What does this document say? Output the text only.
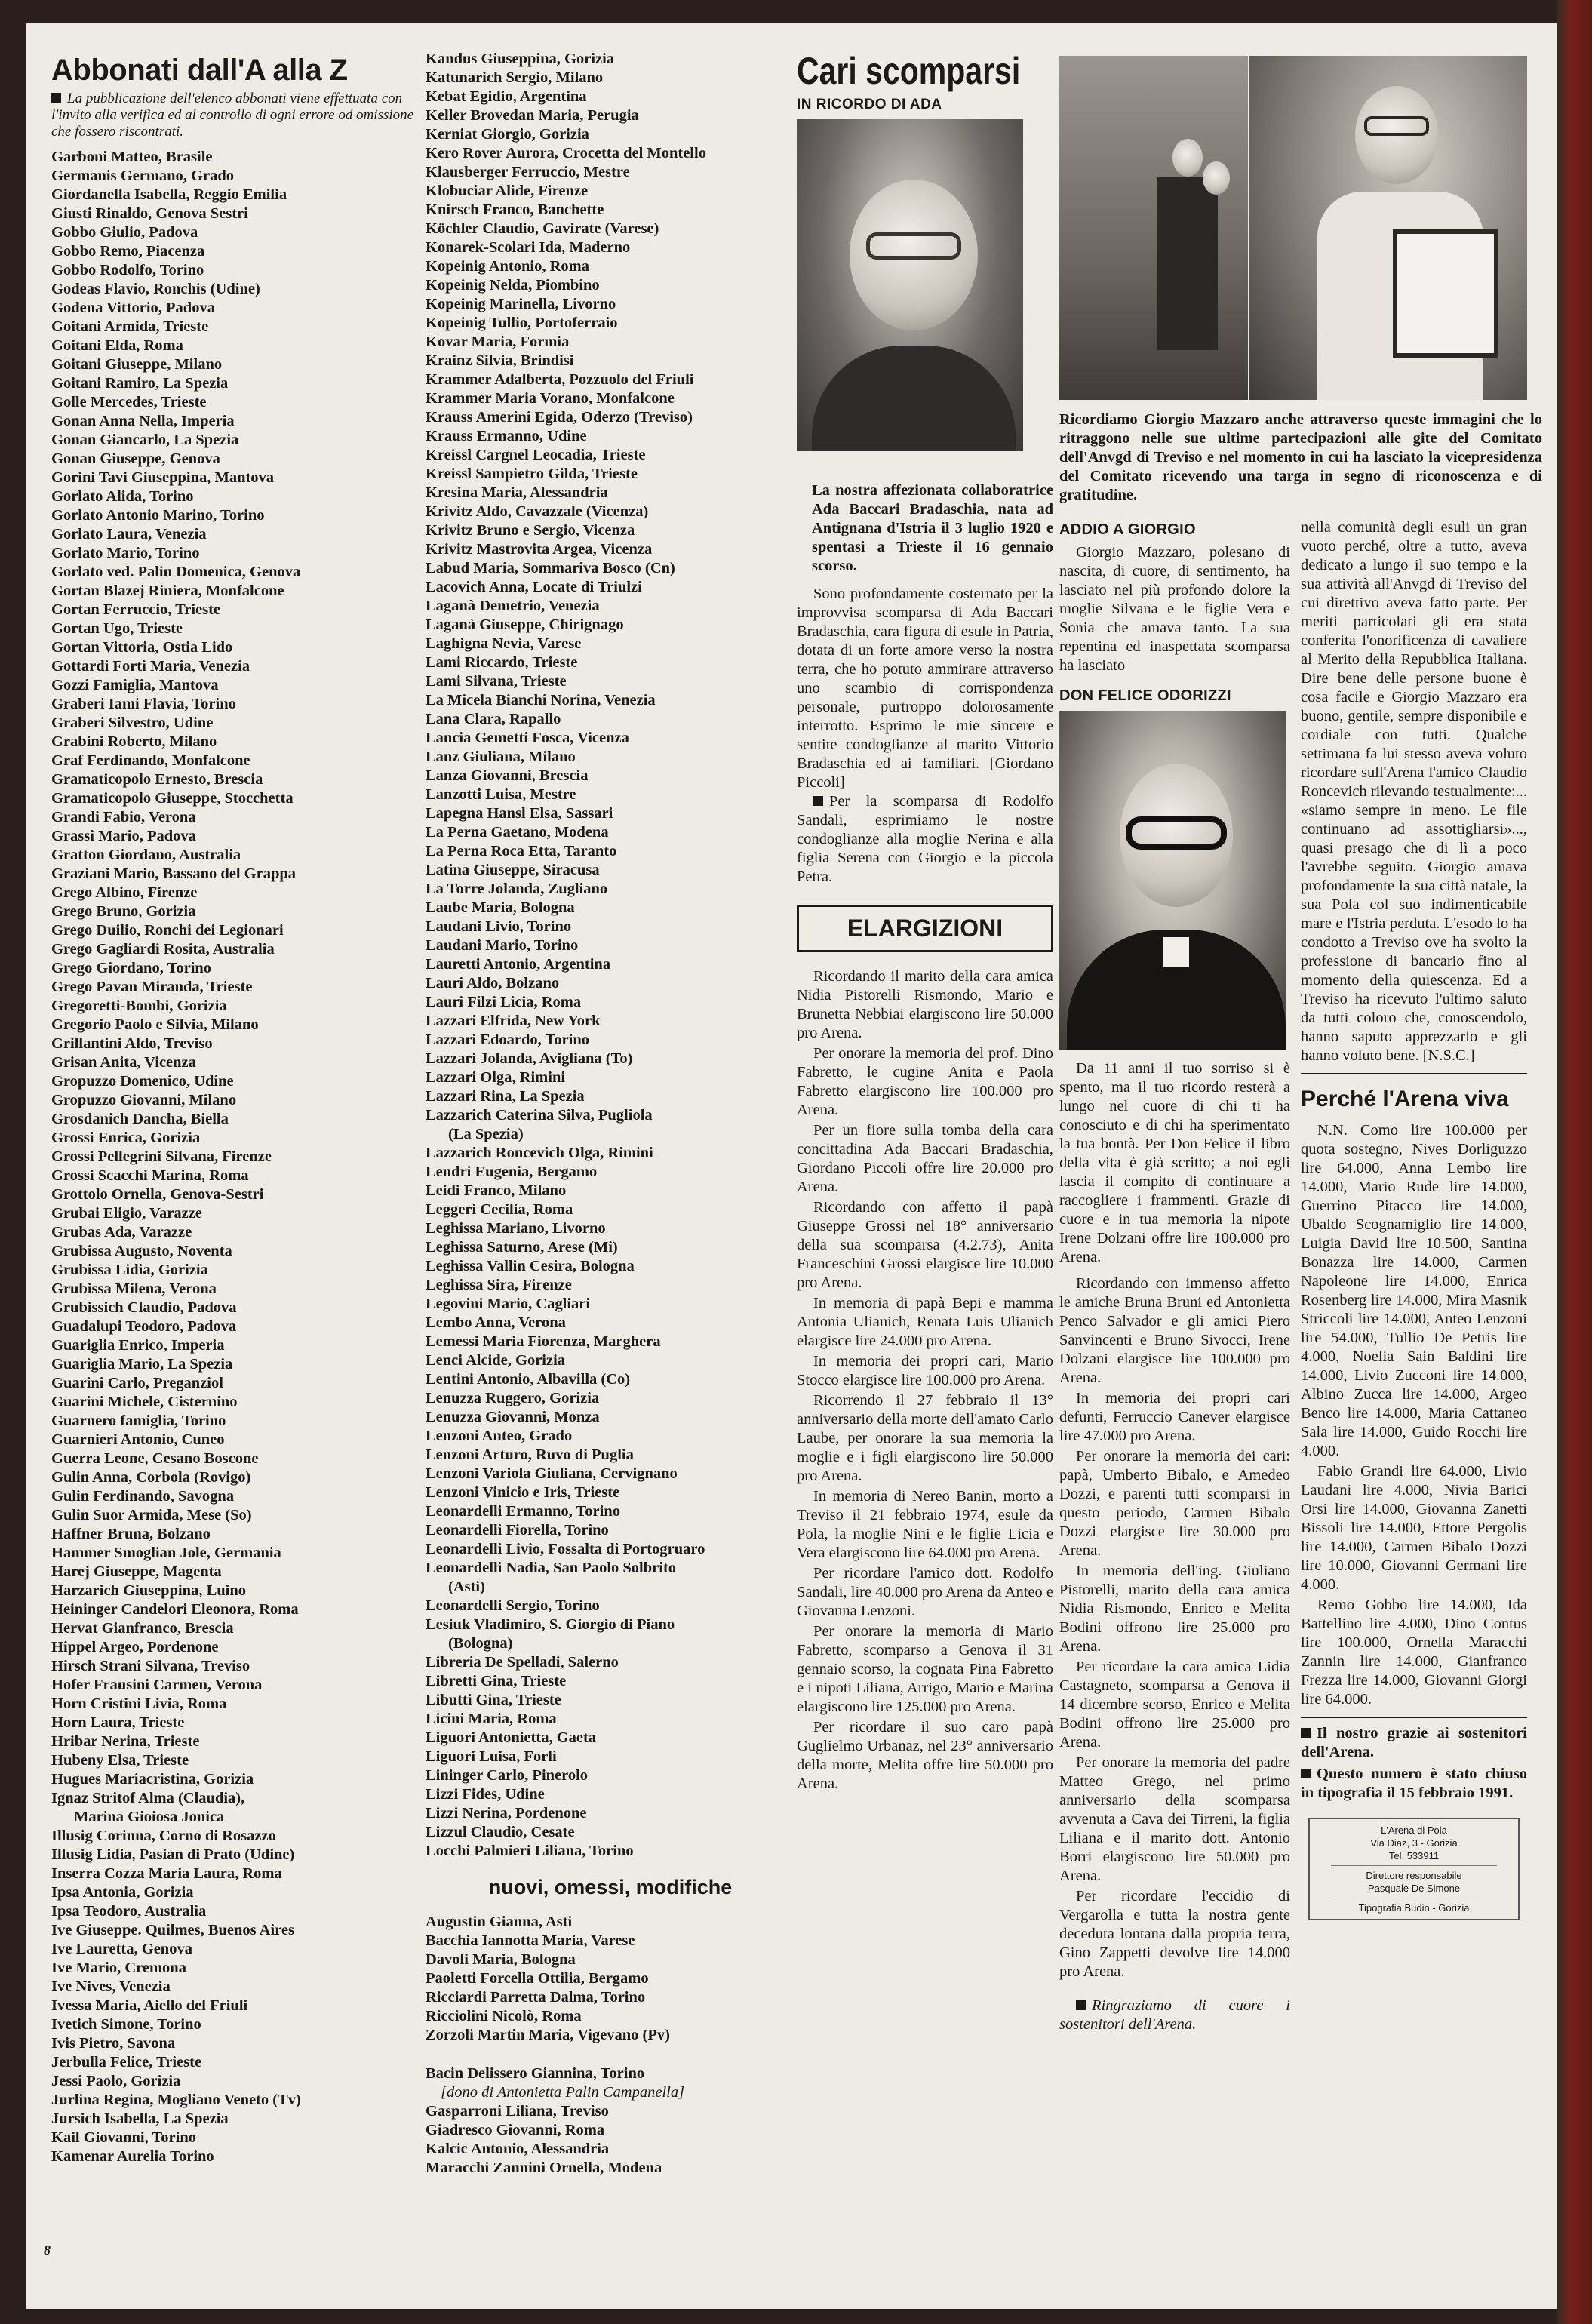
Abbonati dall'A alla Z
La pubblicazione dell'elenco abbonati viene effettuata con l'invito alla verifica ed al controllo di ogni errore od omissione che fossero riscontrati.
Garboni Matteo, Brasile
Germanis Germano, Grado
Giordanella Isabella, Reggio Emilia
Giusti Rinaldo, Genova Sestri
Gobbo Giulio, Padova
Gobbo Remo, Piacenza
Gobbo Rodolfo, Torino
Godeas Flavio, Ronchis (Udine)
Godena Vittorio, Padova
Goitani Armida, Trieste
Goitani Elda, Roma
Goitani Giuseppe, Milano
Goitani Ramiro, La Spezia
Golle Mercedes, Trieste
Gonan Anna Nella, Imperia
Gonan Giancarlo, La Spezia
Gonan Giuseppe, Genova
Gorini Tavi Giuseppina, Mantova
Gorlato Alida, Torino
Gorlato Antonio Marino, Torino
Gorlato Laura, Venezia
Gorlato Mario, Torino
Gorlato ved. Palin Domenica, Genova
Gortan Blazej Riniera, Monfalcone
Gortan Ferruccio, Trieste
Gortan Ugo, Trieste
Gortan Vittoria, Ostia Lido
Gottardi Forti Maria, Venezia
Gozzi Famiglia, Mantova
Graberi Iami Flavia, Torino
Graberi Silvestro, Udine
Grabini Roberto, Milano
Graf Ferdinando, Monfalcone
Gramaticopolo Ernesto, Brescia
Gramaticopolo Giuseppe, Stocchetta
Grandi Fabio, Verona
Grassi Mario, Padova
Gratton Giordano, Australia
Graziani Mario, Bassano del Grappa
Grego Albino, Firenze
Grego Bruno, Gorizia
Grego Duilio, Ronchi dei Legionari
Grego Gagliardi Rosita, Australia
Grego Giordano, Torino
Grego Pavan Miranda, Trieste
Gregoretti-Bombi, Gorizia
Gregorio Paolo e Silvia, Milano
Grillantini Aldo, Treviso
Grisan Anita, Vicenza
Gropuzzo Domenico, Udine
Gropuzzo Giovanni, Milano
Grosdanich Dancha, Biella
Grossi Enrica, Gorizia
Grossi Pellegrini Silvana, Firenze
Grossi Scacchi Marina, Roma
Grottolo Ornella, Genova-Sestri
Grubai Eligio, Varazze
Grubas Ada, Varazze
Grubissa Augusto, Noventa
Grubissa Lidia, Gorizia
Grubissa Milena, Verona
Grubissich Claudio, Padova
Guadalupi Teodoro, Padova
Guariglia Enrico, Imperia
Guariglia Mario, La Spezia
Guarini Carlo, Preganziol
Guarini Michele, Cisternino
Guarnero famiglia, Torino
Guarnieri Antonio, Cuneo
Guerra Leone, Cesano Boscone
Gulin Anna, Corbola (Rovigo)
Gulin Ferdinando, Savogna
Gulin Suor Armida, Mese (So)
Haffner Bruna, Bolzano
Hammer Smoglian Jole, Germania
Harej Giuseppe, Magenta
Harzarich Giuseppina, Luino
Heininger Candelori Eleonora, Roma
Hervat Gianfranco, Brescia
Hippel Argeo, Pordenone
Hirsch Strani Silvana, Treviso
Hofer Frausini Carmen, Verona
Horn Cristini Livia, Roma
Horn Laura, Trieste
Hribar Nerina, Trieste
Hubeny Elsa, Trieste
Hugues Mariacristina, Gorizia
Ignaz Stritof Alma (Claudia),
Marina Gioiosa Jonica
Illusig Corinna, Corno di Rosazzo
Illusig Lidia, Pasian di Prato (Udine)
Inserra Cozza Maria Laura, Roma
Ipsa Antonia, Gorizia
Ipsa Teodoro, Australia
Ive Giuseppe. Quilmes, Buenos Aires
Ive Lauretta, Genova
Ive Mario, Cremona
Ive Nives, Venezia
Ivessa Maria, Aiello del Friuli
Ivetich Simone, Torino
Ivis Pietro, Savona
Jerbulla Felice, Trieste
Jessi Paolo, Gorizia
Jurlina Regina, Mogliano Veneto (Tv)
Jursich Isabella, La Spezia
Kail Giovanni, Torino
Kamenar Aurelia Torino
Kandus Giuseppina, Gorizia
Katunarich Sergio, Milano
Kebat Egidio, Argentina
Keller Brovedan Maria, Perugia
Kerniat Giorgio, Gorizia
Kero Rover Aurora, Crocetta del Montello
Klausberger Ferruccio, Mestre
Klobuciar Alide, Firenze
Knirsch Franco, Banchette
Köchler Claudio, Gavirate (Varese)
Konarek-Scolari Ida, Maderno
Kopeinig Antonio, Roma
Kopeinig Nelda, Piombino
Kopeinig Marinella, Livorno
Kopeinig Tullio, Portoferraio
Kovar Maria, Formia
Krainz Silvia, Brindisi
Krammer Adalberta, Pozzuolo del Friuli
Krammer Maria Vorano, Monfalcone
Krauss Amerini Egida, Oderzo (Treviso)
Krauss Ermanno, Udine
Kreissl Cargnel Leocadia, Trieste
Kreissl Sampietro Gilda, Trieste
Kresina Maria, Alessandria
Krivitz Aldo, Cavazzale (Vicenza)
Krivitz Bruno e Sergio, Vicenza
Krivitz Mastrovita Argea, Vicenza
Labud Maria, Sommariva Bosco (Cn)
Lacovich Anna, Locate di Triulzi
Laganà Demetrio, Venezia
Laganà Giuseppe, Chirignago
Laghigna Nevia, Varese
Lami Riccardo, Trieste
Lami Silvana, Trieste
La Micela Bianchi Norina, Venezia
Lana Clara, Rapallo
Lancia Gemetti Fosca, Vicenza
Lanz Giuliana, Milano
Lanza Giovanni, Brescia
Lanzotti Luisa, Mestre
Lapegna Hansl Elsa, Sassari
La Perna Gaetano, Modena
La Perna Roca Etta, Taranto
Latina Giuseppe, Siracusa
La Torre Jolanda, Zugliano
Laube Maria, Bologna
Laudani Livio, Torino
Laudani Mario, Torino
Lauretti Antonio, Argentina
Lauri Aldo, Bolzano
Lauri Filzi Licia, Roma
Lazzari Elfrida, New York
Lazzari Edoardo, Torino
Lazzari Jolanda, Avigliana (To)
Lazzari Olga, Rimini
Lazzari Rina, La Spezia
Lazzarich Caterina Silva, Pugliola
(La Spezia)
Lazzarich Roncevich Olga, Rimini
Lendri Eugenia, Bergamo
Leidi Franco, Milano
Leggeri Cecilia, Roma
Leghissa Mariano, Livorno
Leghissa Saturno, Arese (Mi)
Leghissa Vallin Cesira, Bologna
Leghissa Sira, Firenze
Legovini Mario, Cagliari
Lembo Anna, Verona
Lemessi Maria Fiorenza, Marghera
Lenci Alcide, Gorizia
Lentini Antonio, Albavilla (Co)
Lenuzza Ruggero, Gorizia
Lenuzza Giovanni, Monza
Lenzoni Anteo, Grado
Lenzoni Arturo, Ruvo di Puglia
Lenzoni Variola Giuliana, Cervignano
Lenzoni Vinicio e Iris, Trieste
Leonardelli Ermanno, Torino
Leonardelli Fiorella, Torino
Leonardelli Livio, Fossalta di Portogruaro
Leonardelli Nadia, San Paolo Solbrito
(Asti)
Leonardelli Sergio, Torino
Lesiuk Vladimiro, S. Giorgio di Piano
(Bologna)
Libreria De Spelladi, Salerno
Libretti Gina, Trieste
Libutti Gina, Trieste
Licini Maria, Roma
Liguori Antonietta, Gaeta
Liguori Luisa, Forlì
Lininger Carlo, Pinerolo
Lizzi Fides, Udine
Lizzi Nerina, Pordenone
Lizzul Claudio, Cesate
Locchi Palmieri Liliana, Torino
nuovi, omessi, modifiche
Augustin Gianna, Asti
Bacchia Iannotta Maria, Varese
Davoli Maria, Bologna
Paoletti Forcella Ottilia, Bergamo
Ricciardi Parretta Dalma, Torino
Ricciolini Nicolò, Roma
Zorzoli Martin Maria, Vigevano (Pv)
Bacin Delissero Giannina, Torino
[dono di Antonietta Palin Campanella]
Gasparroni Liliana, Treviso
Giadresco Giovanni, Roma
Kalcic Antonio, Alessandria
Maracchi Zannini Ornella, Modena
Cari scomparsi
IN RICORDO DI ADA
La nostra affezionata collaboratrice Ada Baccari Bradaschia, nata ad Antignana d'Istria il 3 luglio 1920 e spentasi a Trieste il 16 gennaio scorso.

Sono profondamente costernato per la improvvisa scomparsa di Ada Baccari Bradaschia, cara figura di esule in Patria, dotata di un forte amore verso la nostra terra, che ho potuto ammirare attraverso uno scambio di corrispondenza personale, purtroppo dolorosamente interrotto. Esprimo le mie sincere e sentite condoglianze al marito Vittorio Bradaschia ed ai familiari. [Giordano Piccoli]

Per la scomparsa di Rodolfo Sandali, esprimiamo le nostre condoglianze alla moglie Nerina e alla figlia Serena con Giorgio e la piccola Petra.

ELARGIZIONI

Ricordando il marito della cara amica Nidia Pistorelli Rismondo, Mario e Brunetta Nebbiai elargiscono lire 50.000 pro Arena.

Per onorare la memoria del prof. Dino Fabretto, le cugine Anita e Paola Fabretto elargiscono lire 100.000 pro Arena.

Per un fiore sulla tomba della cara concittadina Ada Baccari Bradaschia, Giordano Piccoli offre lire 20.000 pro Arena.

Ricordando con affetto il papà Giuseppe Grossi nel 18° anniversario della sua scomparsa (4.2.73), Anita Franceschini Grossi elargisce lire 10.000 pro Arena.

In memoria di papà Bepi e mamma Antonia Ulianich, Renata Luis Ulianich elargisce lire 24.000 pro Arena.

In memoria dei propri cari, Mario Stocco elargisce lire 100.000 pro Arena.

Ricorrendo il 27 febbraio il 13° anniversario della morte dell'amato Carlo Laube, per onorare la sua memoria la moglie e i figli elargiscono lire 50.000 pro Arena.

In memoria di Nereo Banin, morto a Treviso il 21 febbraio 1974, esule da Pola, la moglie Nini e le figlie Licia e Vera elargiscono lire 64.000 pro Arena.

Per ricordare l'amico dott. Rodolfo Sandali, lire 40.000 pro Arena da Anteo e Giovanna Lenzoni.

Per onorare la memoria di Mario Fabretto, scomparso a Genova il 31 gennaio scorso, la cognata Pina Fabretto e i nipoti Liliana, Arrigo, Mario e Marina elargiscono lire 125.000 pro Arena.

Per ricordare il suo caro papà Guglielmo Urbanaz, nel 23° anniversario della morte, Melita offre lire 50.000 pro Arena.

Ricordiamo Giorgio Mazzaro anche attraverso queste immagini che lo ritraggono nelle sue ultime partecipazioni alle gite del Comitato dell'Anvgd di Treviso e nel momento in cui ha lasciato la vicepresidenza del Comitato ricevendo una targa in segno di riconoscenza e di gratitudine.
ADDIO A GIORGIO

Giorgio Mazzaro, polesano di nascita, di cuore, di sentimento, ha lasciato nel più profondo dolore la moglie Silvana e le figlie Vera e Sonia che amava tanto. La sua repentina ed inaspettata scomparsa ha lasciato

DON FELICE ODORIZZI

Da 11 anni il tuo sorriso si è spento, ma il tuo ricordo resterà a lungo nel cuore di chi ti ha conosciuto e di chi ha sperimentato la tua bontà. Per Don Felice il libro della vita è già scritto; a noi egli lascia il compito di continuare a raccogliere i frammenti. Grazie di cuore e in tua memoria la nipote Irene Dolzani offre lire 100.000 pro Arena.

Ricordando con immenso affetto le amiche Bruna Bruni ed Antonietta Penco Salvador e gli amici Piero Sanvincenti e Bruno Sivocci, Irene Dolzani elargisce lire 100.000 pro Arena.

In memoria dei propri cari defunti, Ferruccio Canever elargisce lire 47.000 pro Arena.

Per onorare la memoria dei cari: papà, Umberto Bibalo, e Amedeo Dozzi, e parenti tutti scomparsi in questo periodo, Carmen Bibalo Dozzi elargisce lire 30.000 pro Arena.

In memoria dell'ing. Giuliano Pistorelli, marito della cara amica Nidia Rismondo, Enrico e Melita Bodini offrono lire 25.000 pro Arena.

Per ricordare la cara amica Lidia Castagneto, scomparsa a Genova il 14 dicembre scorso, Enrico e Melita Bodini offrono lire 25.000 pro Arena.

Per onorare la memoria del padre Matteo Grego, nel primo anniversario della scomparsa avvenuta a Cava dei Tirreni, la figlia Liliana e il marito dott. Antonio Borri elargiscono lire 50.000 pro Arena.

Per ricordare l'eccidio di Vergarolla e tutta la nostra gente deceduta lontana dalla propria terra, Gino Zappetti devolve lire 14.000 pro Arena.

Ringraziamo di cuore i sostenitori dell'Arena.

nella comunità degli esuli un gran vuoto perché, oltre a tutto, aveva dedicato a lungo il suo tempo e la sua attività all'Anvgd di Treviso del cui direttivo aveva fatto parte. Per meriti particolari gli era stata conferita l'onorificenza di cavaliere al Merito della Repubblica Italiana. Dire bene delle persone buone è cosa facile e Giorgio Mazzaro era buono, gentile, sempre disponibile e cordiale con tutti. Qualche settimana fa lui stesso aveva voluto ricordare sull'Arena l'amico Claudio Roncevich rilevando testualmente:... «siamo sempre in meno. Le file continuano ad assottigliarsi»..., quasi presago che di lì a poco l'avrebbe seguito. Giorgio amava profondamente la sua città natale, la sua Pola col suo indimenticabile mare e l'Istria perduta. L'esodo lo ha condotto a Treviso ove ha svolto la professione di bancario fino al momento della quiescenza. Ed a Treviso ha ricevuto l'ultimo saluto da tutti coloro che, conoscendolo, hanno saputo apprezzarlo e gli hanno voluto bene. [N.S.C.]

Perché l'Arena viva

N.N. Como lire 100.000 per quota sostegno, Nives Dorliguzzo lire 64.000, Anna Lembo lire 14.000, Mario Rude lire 14.000, Guerrino Pitacco lire 14.000, Ubaldo Scognamiglio lire 14.000, Luigia David lire 10.500, Santina Bonazza lire 14.000, Carmen Napoleone lire 14.000, Enrica Rosenberg lire 14.000, Mira Masnik Striccoli lire 14.000, Anteo Lenzoni lire 54.000, Tullio De Petris lire 4.000, Noelia Sain Baldini lire 14.000, Livio Zucconi lire 14.000, Albino Zucca lire 14.000, Argeo Benco lire 14.000, Maria Cattaneo Sala lire 14.000, Guido Rocchi lire 4.000.

Fabio Grandi lire 64.000, Livio Laudani lire 4.000, Nivia Barici Orsi lire 14.000, Giovanna Zanetti Bissoli lire 14.000, Ettore Pergolis lire 14.000, Carmen Bibalo Dozzi lire 10.000, Giovanni Germani lire 4.000.

Remo Gobbo lire 14.000, Ida Battellino lire 4.000, Dino Contus lire 100.000, Ornella Maracchi Zannin lire 14.000, Gianfranco Frezza lire 14.000, Giovanni Giorgi lire 64.000.

Il nostro grazie ai sostenitori dell'Arena.

Questo numero è stato chiuso in tipografia il 15 febbraio 1991.

L'Arena di Pola
Via Diaz, 3 - Gorizia
Tel. 533911
Direttore responsabile
Pasquale De Simone
Tipografia Budin - Gorizia
8
